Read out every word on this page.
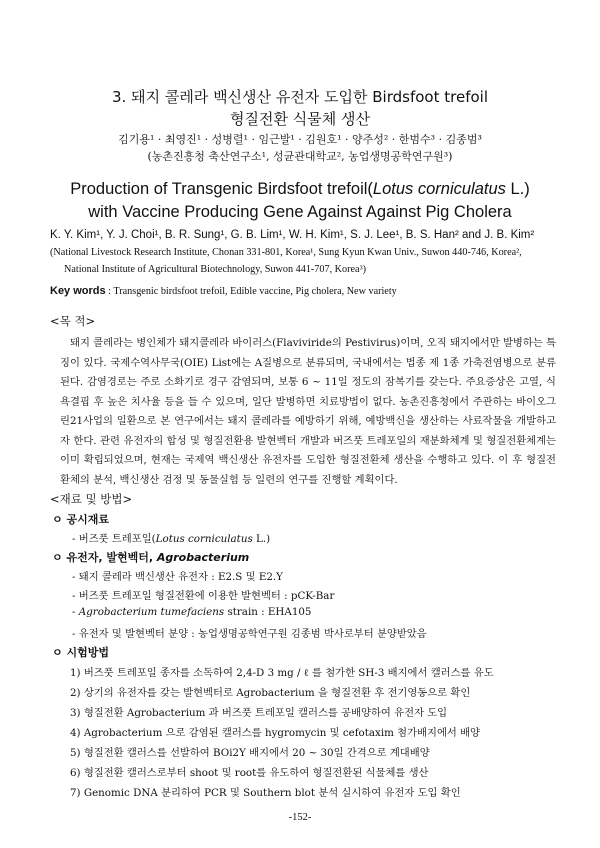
3. 돼지 콜레라 백신생산 유전자 도입한 Birdsfoot trefoil
형질전환 식물체 생산
김기용¹ · 최영진¹ · 성병렬¹ · 임근발¹ · 김원호¹ · 양주성² · 한범수³ · 김종범³
(농촌진흥청 축산연구소¹, 성균관대학교², 농업생명공학연구원³)
Production of Transgenic Birdsfoot trefoil(Lotus corniculatus L.)
with Vaccine Producing Gene Against Against Pig Cholera
K. Y. Kim¹, Y. J. Choi¹, B. R. Sung¹, G. B. Lim¹, W. H. Kim¹, S. J. Lee¹, B. S. Han² and J. B. Kim²
(National Livestock Research Institute, Chonan 331-801, Korea¹, Sung Kyun Kwan Univ., Suwon 440-746, Korea²,
National Institute of Agricultural Biotechnology, Suwon 441-707, Korea³)
Key words : Transgenic birdsfoot trefoil, Edible vaccine, Pig cholera, New variety
<목 적>
돼지 콜레라는 병인체가 돼지콜레라 바이러스(Flaviviride의 Pestivirus)이며, 오직 돼지에서만 발병하는 특징이 있다. 국제수역사무국(OIE) List에는 A질병으로 분류되며, 국내에서는 법종 제 1종 가축전염병으로 분류된다. 감염경로는 주로 소화기로 경구 감염되며, 보통 6 ~ 11일 정도의 잠복기를 갖는다. 주요증상은 고열, 식욕결핍 후 높은 치사율 등을 들 수 있으며, 일단 발병하면 치료방법이 없다. 농촌진흥청에서 주관하는 바이오그린21사업의 일환으로 본 연구에서는 돼지 콜레라를 예방하기 위해, 예방백신을 생산하는 사료작물을 개발하고자 한다. 관련 유전자의 합성 및 형질전환용 발현벡터 개발과 버즈풋 트레포일의 재분화체계 및 형질전환체계는 이미 확립되었으며, 현재는 국제역 백신생산 유전자를 도입한 형질전환체 생산을 수행하고 있다. 이 후 형질전환체의 분석, 백신생산 검정 및 동물실험 등 일련의 연구를 진행할 계획이다.
<재료 및 방법>
ㅇ 공시재료
- 버즈풋 트레포일(Lotus corniculatus L.)
ㅇ 유전자, 발현벡터, Agrobacterium
- 돼지 콜레라 백신생산 유전자 : E2.S 및 E2.Y
- 버즈풋 트레포일 형질전환에 이용한 발현벡터 : pCK-Bar
- Agrobacterium tumefaciens strain : EHA105
- 유전자 및 발현벡터 분양 : 농업생명공학연구원 김종범 박사로부터 분양받았음
ㅇ 시험방법
1) 버즈풋 트레포일 종자를 소독하여 2,4-D 3 mg / ℓ 를 첨가한 SH-3 배지에서 캘러스를 유도
2) 상기의 유전자를 갖는 발현벡터로 Agrobacterium 을 형질전환 후 전기영동으로 확인
3) 형질전환 Agrobacterium 과 버즈풋 트레포일 캘러스를 공배양하여 유전자 도입
4) Agrobacterium 으로 감염된 캘러스를 hygromycin 및 cefotaxim 첨가배지에서 배양
5) 형질전환 캘러스를 선발하여 BOi2Y 배지에서 20 ~ 30일 간격으로 계대배양
6) 형질전환 캘러스로부터 shoot 및 root를 유도하여 형질전환된 식물체를 생산
7) Genomic DNA 분리하여 PCR 및 Southern blot 분석 실시하여 유전자 도입 확인
-152-
